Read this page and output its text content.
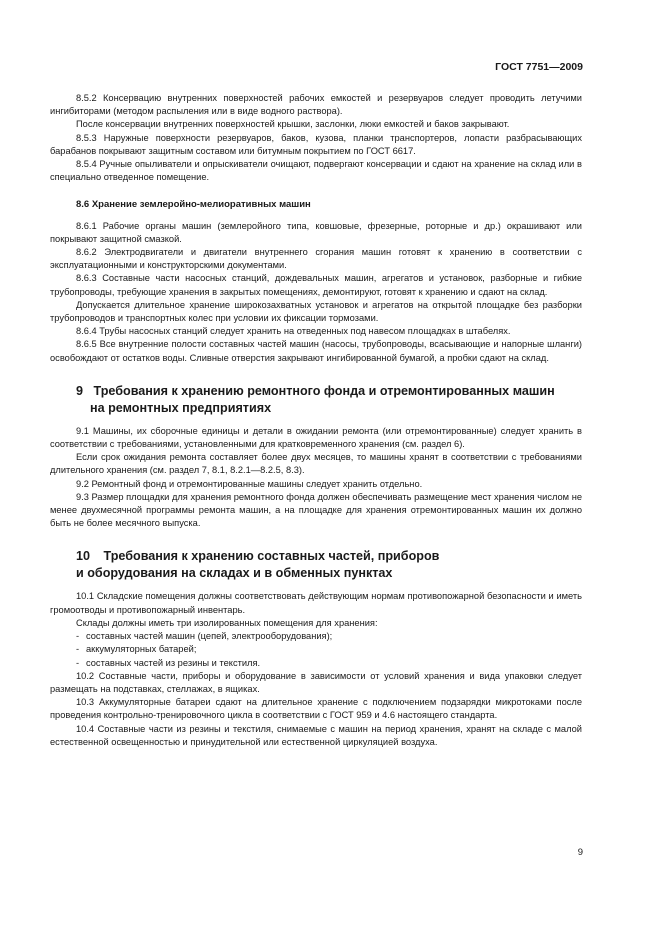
ГОСТ 7751—2009

8.5.2 Консервацию внутренних поверхностей рабочих емкостей и резервуаров следует проводить летучими ингибиторами (методом распыления или в виде водного раствора).

После консервации внутренних поверхностей крышки, заслонки, люки емкостей и баков закрывают.

8.5.3 Наружные поверхности резервуаров, баков, кузова, планки транспортеров, лопасти разбрасывающих барабанов покрывают защитным составом или битумным покрытием по ГОСТ 6617.

8.5.4 Ручные опыливатели и опрыскиватели очищают, подвергают консервации и сдают на хранение на склад или в специально отведенное помещение.

8.6 Хранение землеройно-мелиоративных машин

8.6.1 Рабочие органы машин (землеройного типа, ковшовые, фрезерные, роторные и др.) окрашивают или покрывают защитной смазкой.

8.6.2 Электродвигатели и двигатели внутреннего сгорания машин готовят к хранению в соответствии с эксплуатационными и конструкторскими документами.

8.6.3 Составные части насосных станций, дождевальных машин, агрегатов и установок, разборные и гибкие трубопроводы, требующие хранения в закрытых помещениях, демонтируют, готовят к хранению и сдают на склад.

Допускается длительное хранение широкозахватных установок и агрегатов на открытой площадке без разборки трубопроводов и транспортных колес при условии их фиксации тормозами.

8.6.4 Трубы насосных станций следует хранить на отведенных под навесом площадках в штабелях.

8.6.5 Все внутренние полости составных частей машин (насосы, трубопроводы, всасывающие и напорные шланги) освобождают от остатков воды. Сливные отверстия закрывают ингибированной бумагой, а пробки сдают на склад.

9 Требования к хранению ремонтного фонда и отремонтированных машин
на ремонтных предприятиях

9.1 Машины, их сборочные единицы и детали в ожидании ремонта (или отремонтированные) следует хранить в соответствии с требованиями, установленными для кратковременного хранения (см. раздел 6).

Если срок ожидания ремонта составляет более двух месяцев, то машины хранят в соответствии с требованиями длительного хранения (см. раздел 7, 8.1, 8.2.1—8.2.5, 8.3).

9.2 Ремонтный фонд и отремонтированные машины следует хранить отдельно.

9.3 Размер площадки для хранения ремонтного фонда должен обеспечивать размещение мест хранения числом не менее двухмесячной программы ремонта машин, а на площадке для хранения отремонтированных машин их должно быть не более месячного выпуска.

10 Требования к хранению составных частей, приборов
и оборудования на складах и в обменных пунктах

10.1 Складские помещения должны соответствовать действующим нормам противопожарной безопасности и иметь громоотводы и противопожарный инвентарь.

Склады должны иметь три изолированных помещения для хранения:

- составных частей машин (цепей, электрооборудования);

- аккумуляторных батарей;

- составных частей из резины и текстиля.

10.2 Составные части, приборы и оборудование в зависимости от условий хранения и вида упаковки следует размещать на подставках, стеллажах, в ящиках.

10.3 Аккумуляторные батареи сдают на длительное хранение с подключением подзарядки микротоками после проведения контрольно-тренировочного цикла в соответствии с ГОСТ 959 и 4.6 настоящего стандарта.

10.4 Составные части из резины и текстиля, снимаемые с машин на период хранения, хранят на складе с малой естественной освещенностью и принудительной или естественной циркуляцией воздуха.

9
